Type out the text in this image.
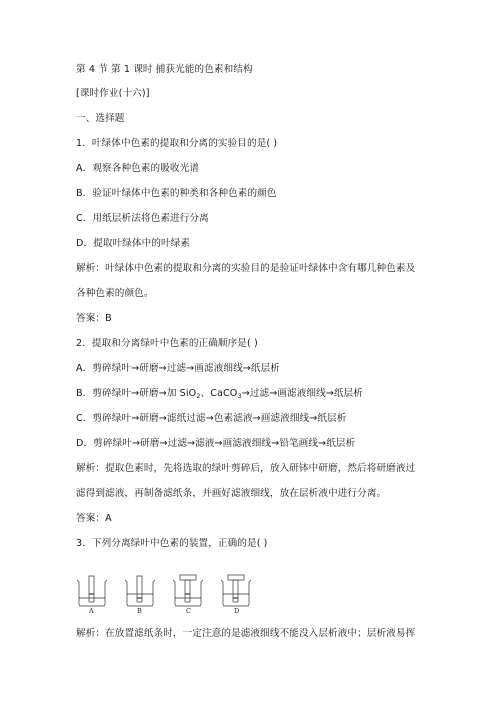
第 4 节 第 1 课时 捕获光能的色素和结构
[课时作业(十六)]
一、选择题
1．叶绿体中色素的提取和分离的实验目的是( )
A．观察各种色素的吸收光谱
B．验证叶绿体中色素的种类和各种色素的颜色
C．用纸层析法将色素进行分离
D．提取叶绿体中的叶绿素
解析：叶绿体中色素的提取和分离的实验目的是验证叶绿体中含有哪几种色素及
各种色素的颜色。
答案：B
2．提取和分离绿叶中色素的正确顺序是( )
A．剪碎绿叶→研磨→过滤→画滤液细线→纸层析
B．剪碎绿叶→研磨→加 SiO$_2$、CaCO$_3$→过滤→画滤液细线→纸层析
C．剪碎绿叶→研磨→滤纸过滤→色素滤液→画滤液细线→纸层析
D．剪碎绿叶→研磨→过滤→滤液→画滤液细线→铅笔画线→纸层析
解析：提取色素时，先将选取的绿叶剪碎后，放入研钵中研磨，然后将研磨液过
滤得到滤液，再制备滤纸条，并画好滤液细线，放在层析液中进行分离。
答案：A
3．下列分离绿叶中色素的装置，正确的是( )
A	B	C	D
解析：在放置滤纸条时，一定注意的是滤液细线不能没入层析液中；层析液易挥
